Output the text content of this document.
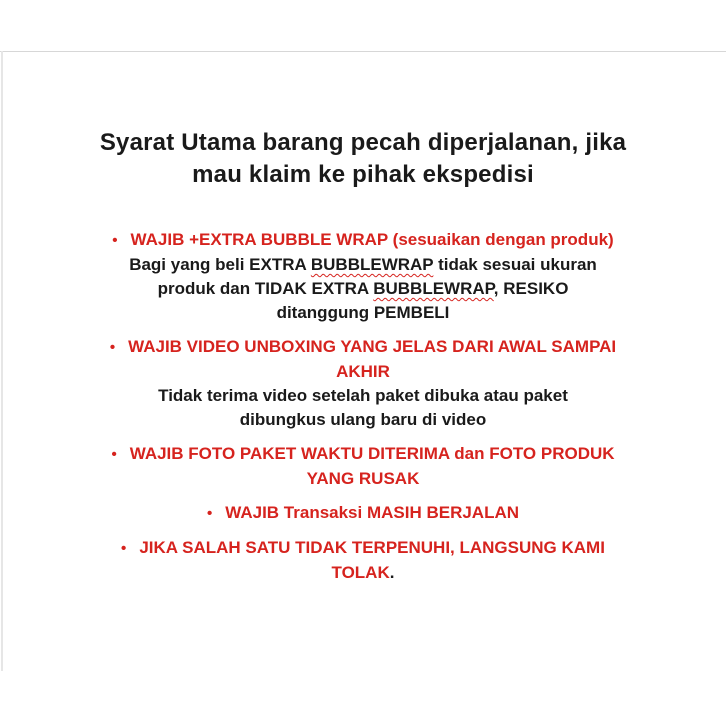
Syarat Utama barang pecah diperjalanan, jika mau klaim ke pihak ekspedisi
• WAJIB +EXTRA BUBBLE WRAP (sesuaikan dengan produk)
Bagi yang beli EXTRA BUBBLEWRAP tidak sesuai ukuran produk dan TIDAK EXTRA BUBBLEWRAP, RESIKO ditanggung PEMBELI
• WAJIB VIDEO UNBOXING YANG JELAS DARI AWAL SAMPAI AKHIR
Tidak terima video setelah paket dibuka atau paket dibungkus ulang baru di video
• WAJIB FOTO PAKET WAKTU DITERIMA dan FOTO PRODUK YANG RUSAK
• WAJIB Transaksi MASIH BERJALAN
• JIKA SALAH SATU TIDAK TERPENUHI, LANGSUNG KAMI TOLAK.
